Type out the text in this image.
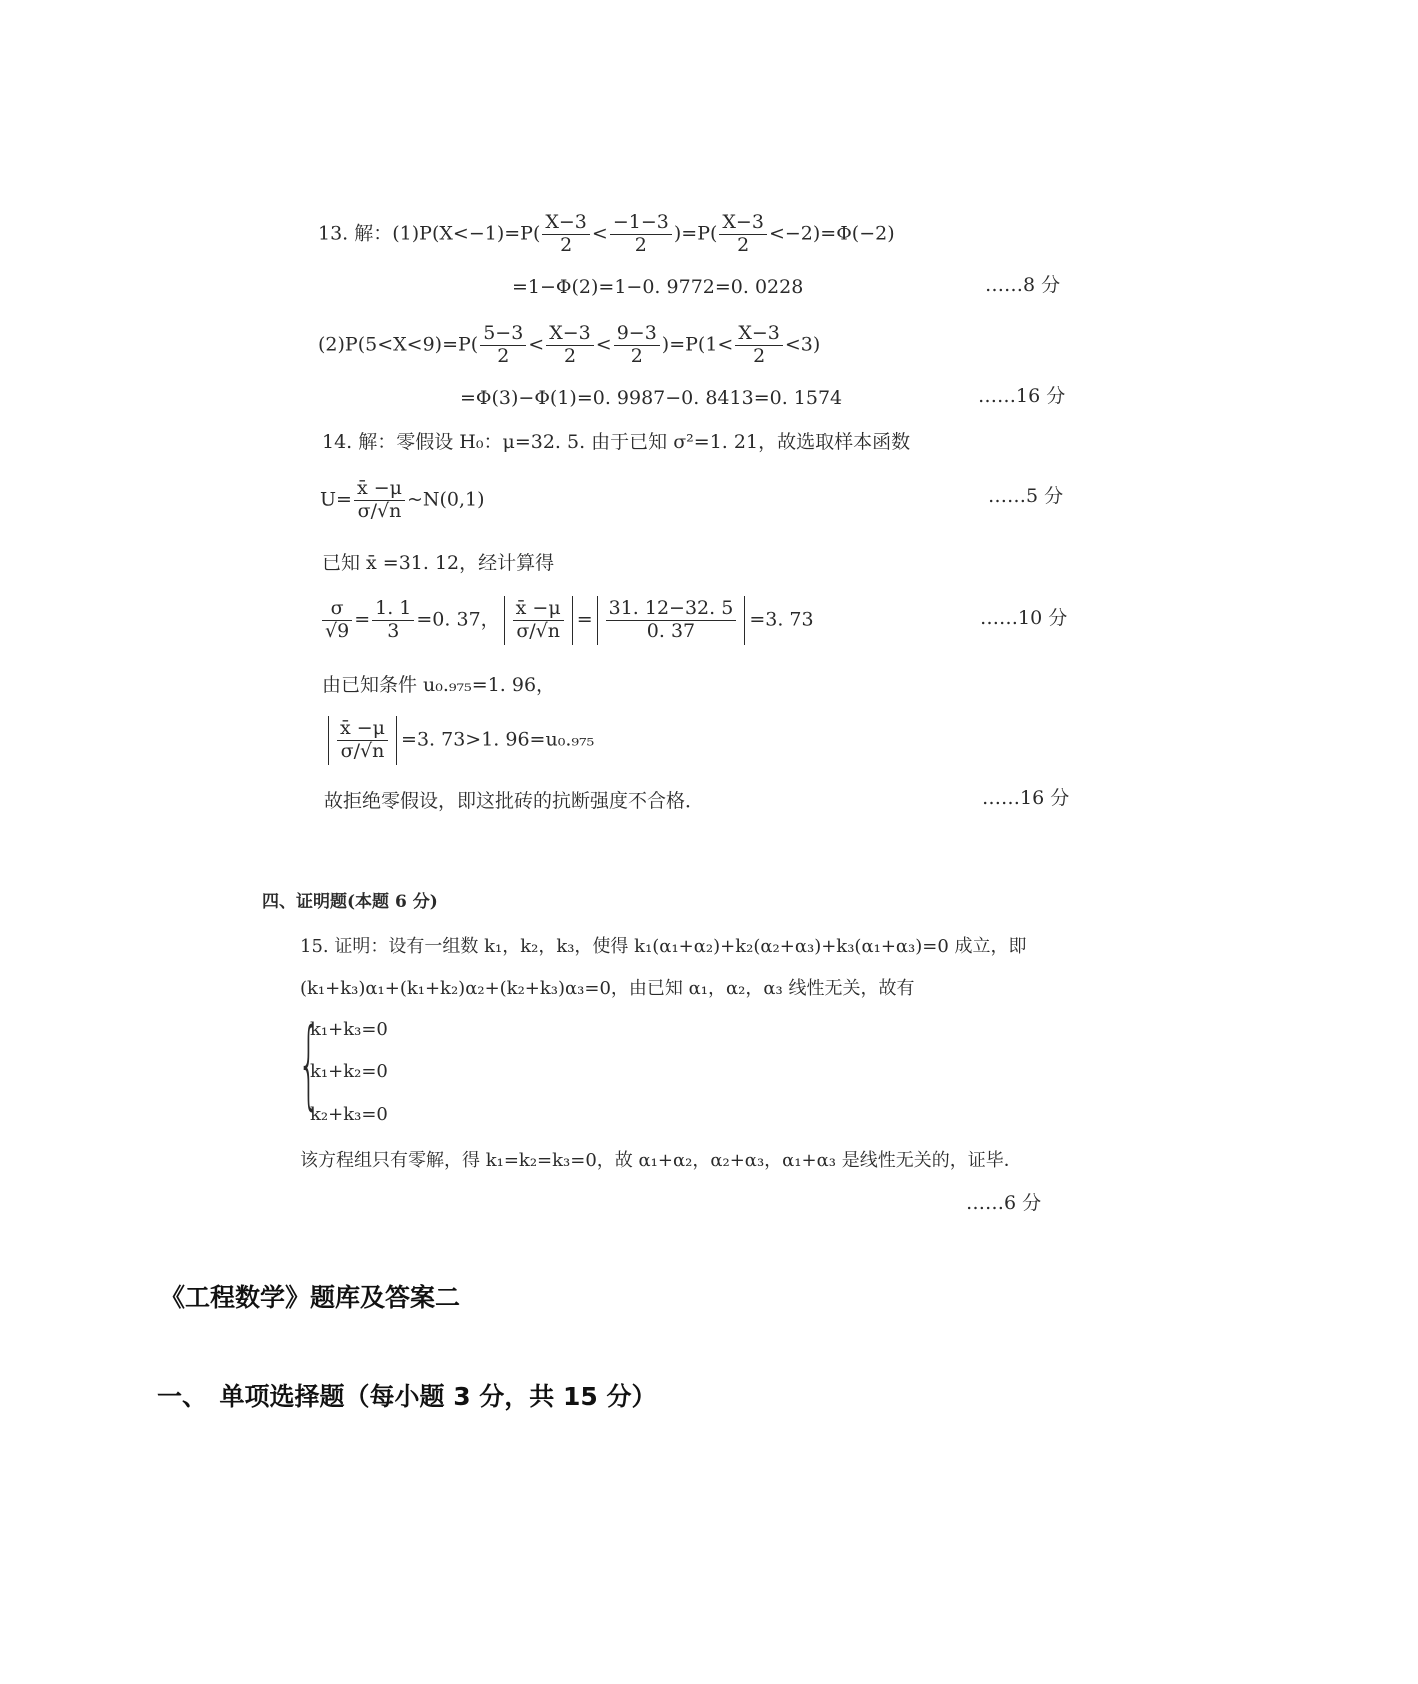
13. 解：$(1)P(X<-1)=P( \frac{X-3}{2} < \frac{-1-3}{2} )=P( \frac{X-3}{2} <-2)=\Phi(-2)$
=1−Φ(2)=1−0. 9772=0. 0228	……8 分
$(2)P(5<X<9)=P( \frac{5-3}{2} < \frac{X-3}{2} < \frac{9-3}{2} )=P(1< \frac{X-3}{2} <3)$
=Φ(3)−Φ(1)=0. 9987−0. 8413=0. 1574	……16 分
14. 解：零假设 H₀：μ=32. 5. 由于已知 σ²=1. 21，故选取样本函数
$U= \frac{x̄ -\mu}{\sigma/√n}$ ~N(0,1)	……5 分
已知 x̄ =31. 12，经计算得
$\frac{\sigma}{√9} = \frac{1. 1}{3} =0$. 37， $\frac{x̄ -\mu}{\sigma/√n} = \frac{31. 12-32. 5}{0. 37} =3$. 73	……10 分
由已知条件 u₀.₉₇₅=1. 96，
$\frac{x̄ -\mu}{\sigma/√n} =3$. 73>1. 96=u₀.₉₇₅
故拒绝零假设，即这批砖的抗断强度不合格．	……16 分
四、证明题(本题 6 分)
15. 证明：设有一组数 k₁，k₂，k₃，使得 k₁(α₁+α₂)+k₂(α₂+α₃)+k₃(α₁+α₃)=0 成立，即
(k₁+k₃)α₁+(k₁+k₂)α₂+(k₂+k₃)α₃=0，由已知 α₁，α₂，α₃ 线性无关，故有
{
k₁+k₃=0
k₁+k₂=0
k₂+k₃=0
该方程组只有零解，得 k₁=k₂=k₃=0，故 α₁+α₂，α₂+α₃，α₁+α₃ 是线性无关的，证毕．
……6 分
《工程数学》题库及答案二
一、　单项选择题（每小题 3 分，共 15 分）
